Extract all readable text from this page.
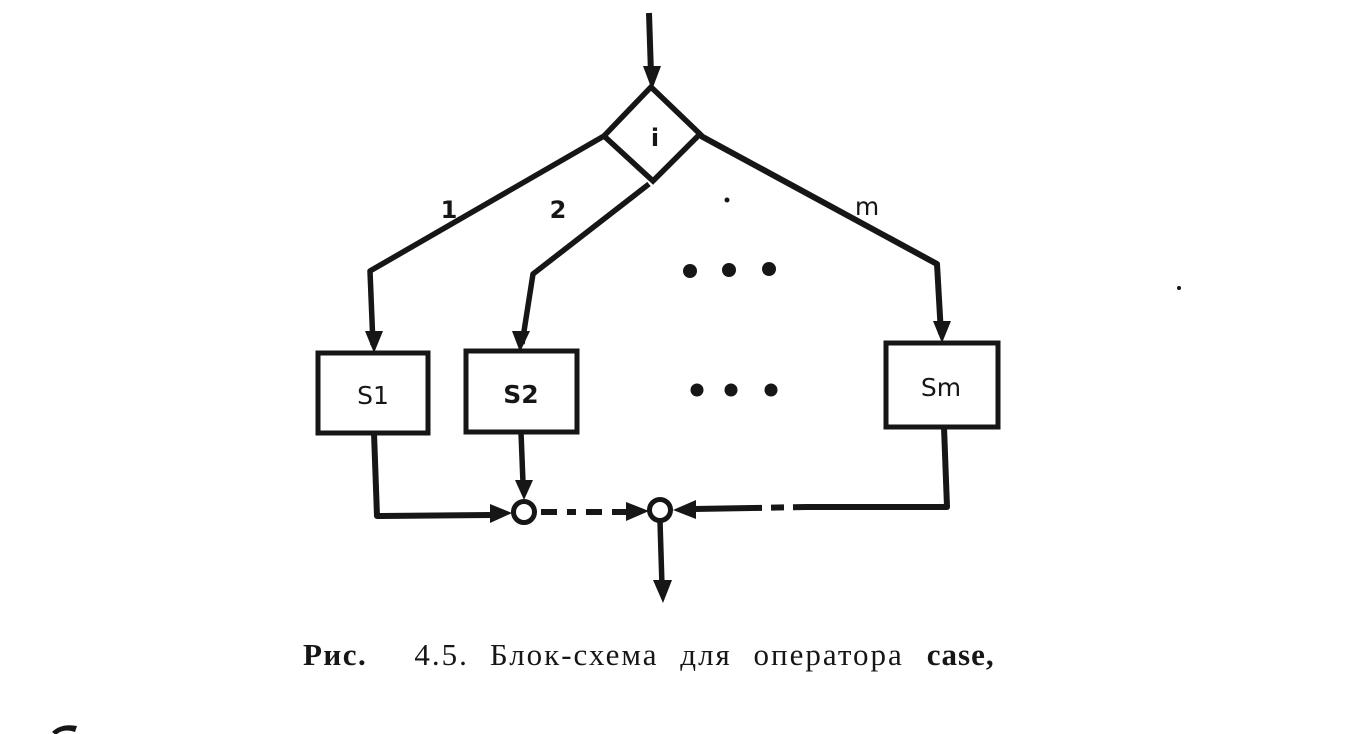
i
1	2	m
S1	S2	Sm
Рис. 4.5. Блок-схема для оператора case,
